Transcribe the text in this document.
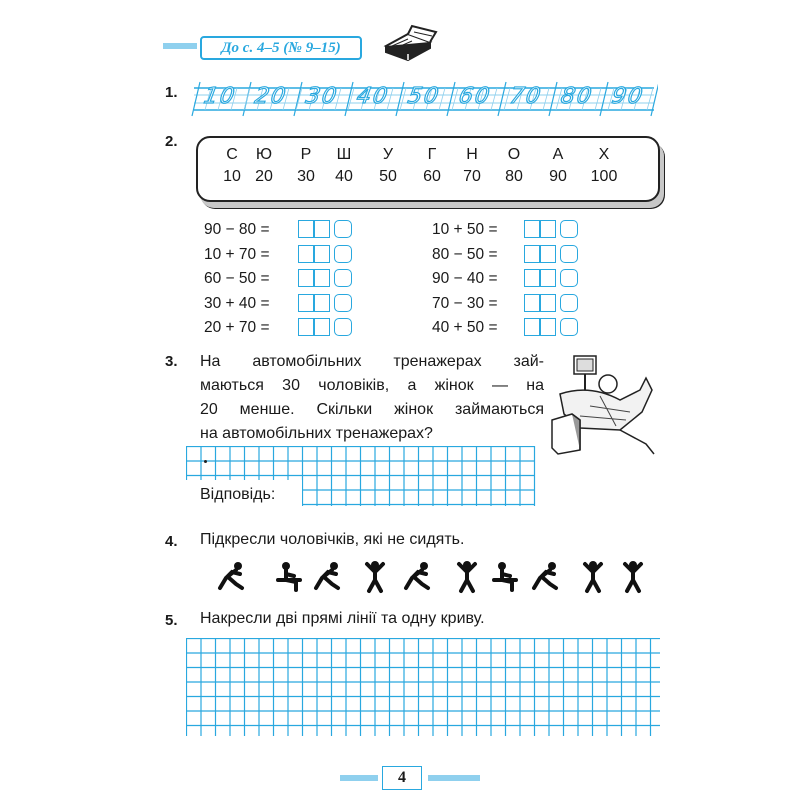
До с. 4–5 (№ 9–15)
1. 10 20 30 40 50 60 70 80 90
2.
С
10
Ю
20
Р
30
Ш
40
У
50
Г
60
Н
70
О
80
А
90
Х
100
90 − 80 =
10 + 70 =
60 − 50 =
30 + 40 =
20 + 70 =
10 + 50 =
80 − 50 =
90 − 40 =
70 − 30 =
40 + 50 =
3. На автомобільних тренажерах зай-
маються 30 чоловіків, а жінок — на
20 менше. Скільки жінок займаються
на автомобільних тренажерах?
Відповідь:
4. Підкресли чоловічків, які не сидять.
5. Накресли дві прямі лінії та одну криву.
4
